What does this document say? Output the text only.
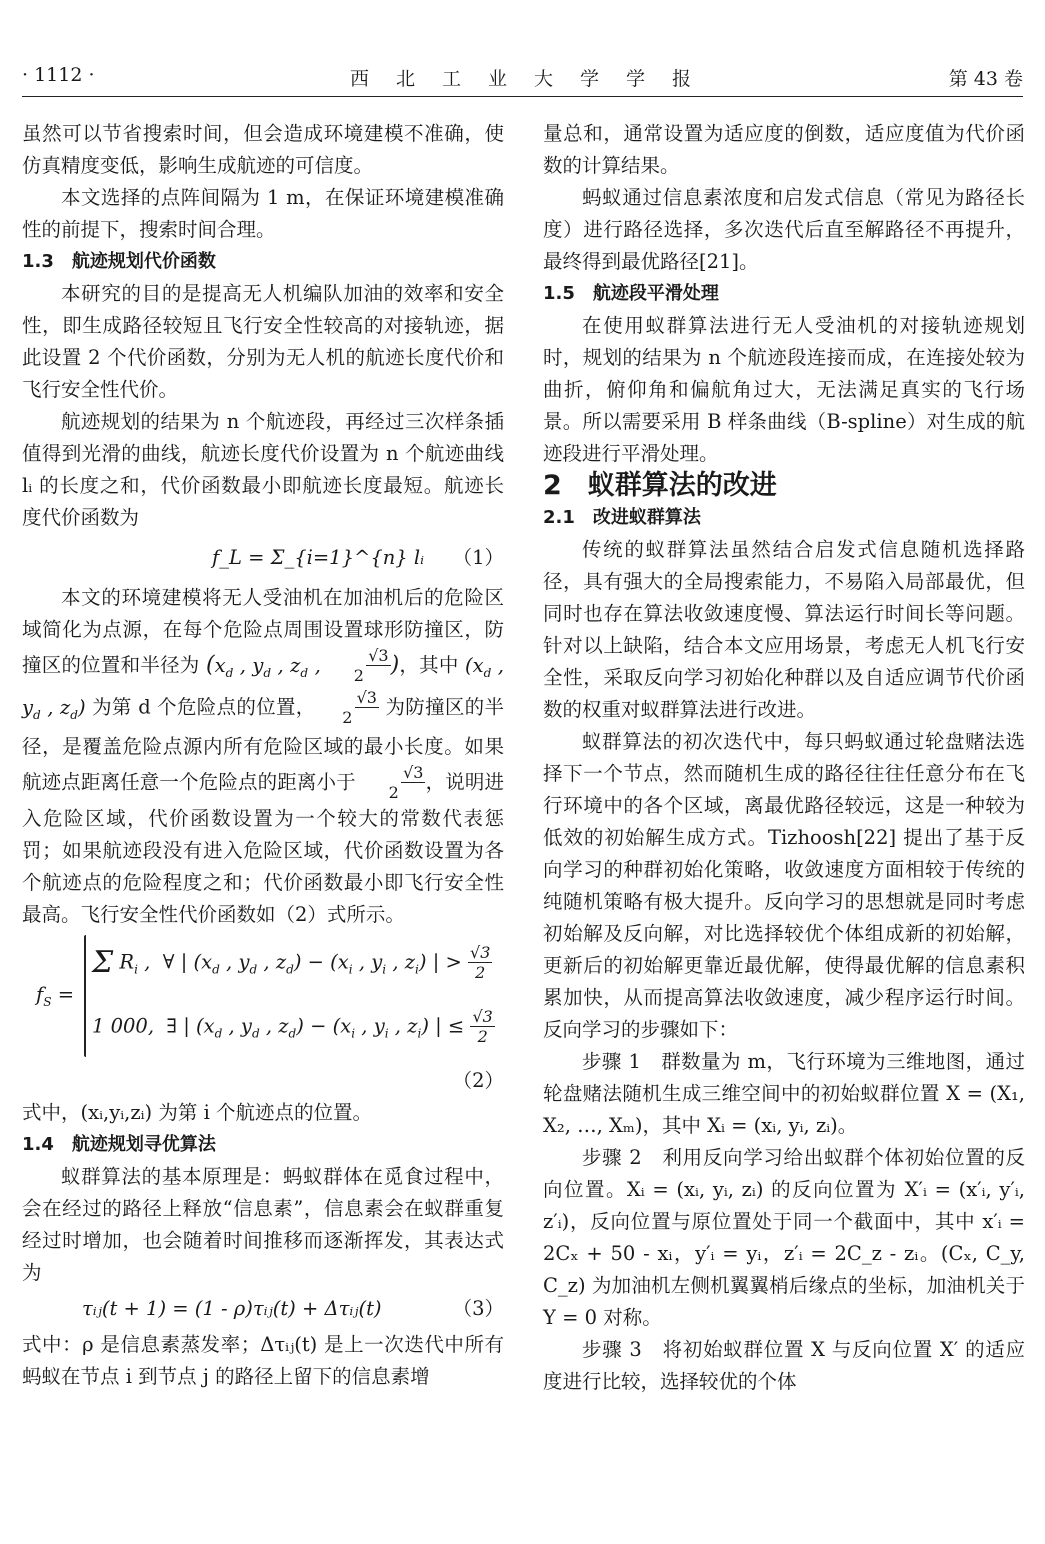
· 1112 ·	西　北　工　业　大　学　学　报	第 43 卷

虽然可以节省搜索时间，但会造成环境建模不准确，使仿真精度变低，影响生成航迹的可信度。

本文选择的点阵间隔为 1 m，在保证环境建模准确性的前提下，搜索时间合理。

1.3 航迹规划代价函数

本研究的目的是提高无人机编队加油的效率和安全性，即生成路径较短且飞行安全性较高的对接轨迹，据此设置 2 个代价函数，分别为无人机的航迹长度代价和飞行安全性代价。

航迹规划的结果为 n 个航迹段，再经过三次样条插值得到光滑的曲线，航迹长度代价设置为 n 个航迹曲线 lᵢ 的长度之和，代价函数最小即航迹长度最短。航迹长度代价函数为

f_L = Σ_{i=1}^{n} lᵢ （1）

本文的环境建模将无人受油机在加油机后的危险区域简化为点源，在每个危险点周围设置球形防撞区，防撞区的位置和半径为 ($x_d$ , $y_d$ , $z_d$ ,	√3
2 )，其中 ($x_d$ , $y_d$ , $z_d$) 为第 d 个危险点的位置，	√3
2 为防撞区的半径，是覆盖危险点源内所有危险区域的最小长度。如果航迹点距离任意一个危险点的距离小于	√3
2 ，说明进入危险区域，代价函数设置为一个较大的常数代表惩罚；如果航迹段没有进入危险区域，代价函数设置为各个航迹点的危险程度之和；代价函数最小即飞行安全性最高。飞行安全性代价函数如（2）式所示。

$f_S$ =
Σ $R_i$ ,  ∀ | ($x_d$ , $y_d$ , $z_d) - (x_i$ , $y_i$ , $z_i$) | > √3
2
1 000,  ∃ | ($x_d$ , $y_d$ , $z_d) - (x_i$ , $y_i$ , $z_i$) | ≤ √3
2
（2）

式中，(xᵢ,yᵢ,zᵢ) 为第 i 个航迹点的位置。

1.4 航迹规划寻优算法

蚁群算法的基本原理是：蚂蚁群体在觅食过程中，会在经过的路径上释放“信息素”，信息素会在蚁群重复经过时增加，也会随着时间推移而逐渐挥发，其表达式为

τᵢⱼ(t + 1) = (1 - ρ)τᵢⱼ(t) + Δτᵢⱼ(t)	（3）

式中：ρ 是信息素蒸发率；Δτᵢⱼ(t) 是上一次迭代中所有蚂蚁在节点 i 到节点 j 的路径上留下的信息素增

量总和，通常设置为适应度的倒数，适应度值为代价函数的计算结果。

蚂蚁通过信息素浓度和启发式信息（常见为路径长度）进行路径选择，多次迭代后直至解路径不再提升，最终得到最优路径[21]。

1.5 航迹段平滑处理

在使用蚁群算法进行无人受油机的对接轨迹规划时，规划的结果为 n 个航迹段连接而成，在连接处较为曲折，俯仰角和偏航角过大，无法满足真实的飞行场景。所以需要采用 B 样条曲线（B-spline）对生成的航迹段进行平滑处理。

2 蚁群算法的改进

2.1 改进蚁群算法

传统的蚁群算法虽然结合启发式信息随机选择路径，具有强大的全局搜索能力，不易陷入局部最优，但同时也存在算法收敛速度慢、算法运行时间长等问题。针对以上缺陷，结合本文应用场景，考虑无人机飞行安全性，采取反向学习初始化种群以及自适应调节代价函数的权重对蚁群算法进行改进。

蚁群算法的初次迭代中，每只蚂蚁通过轮盘赌法选择下一个节点，然而随机生成的路径往往任意分布在飞行环境中的各个区域，离最优路径较远，这是一种较为低效的初始解生成方式。Tizhoosh[22] 提出了基于反向学习的种群初始化策略，收敛速度方面相较于传统的纯随机策略有极大提升。反向学习的思想就是同时考虑初始解及反向解，对比选择较优个体组成新的初始解，更新后的初始解更靠近最优解，使得最优解的信息素积累加快，从而提高算法收敛速度，减少程序运行时间。反向学习的步骤如下：

步骤 1　群数量为 m，飞行环境为三维地图，通过轮盘赌法随机生成三维空间中的初始蚁群位置 X = (X₁, X₂, …, Xₘ)，其中 Xᵢ = (xᵢ, yᵢ, zᵢ)。

步骤 2　利用反向学习给出蚁群个体初始位置的反向位置。Xᵢ = (xᵢ, yᵢ, zᵢ) 的反向位置为 X′ᵢ = (x′ᵢ, y′ᵢ, z′ᵢ)，反向位置与原位置处于同一个截面中，其中 x′ᵢ = 2Cₓ + 50 - xᵢ，y′ᵢ = yᵢ，z′ᵢ = 2C_z - zᵢ。(Cₓ, C_y, C_z) 为加油机左侧机翼翼梢后缘点的坐标，加油机关于 Y = 0 对称。

步骤 3　将初始蚁群位置 X 与反向位置 X′ 的适应度进行比较，选择较优的个体
